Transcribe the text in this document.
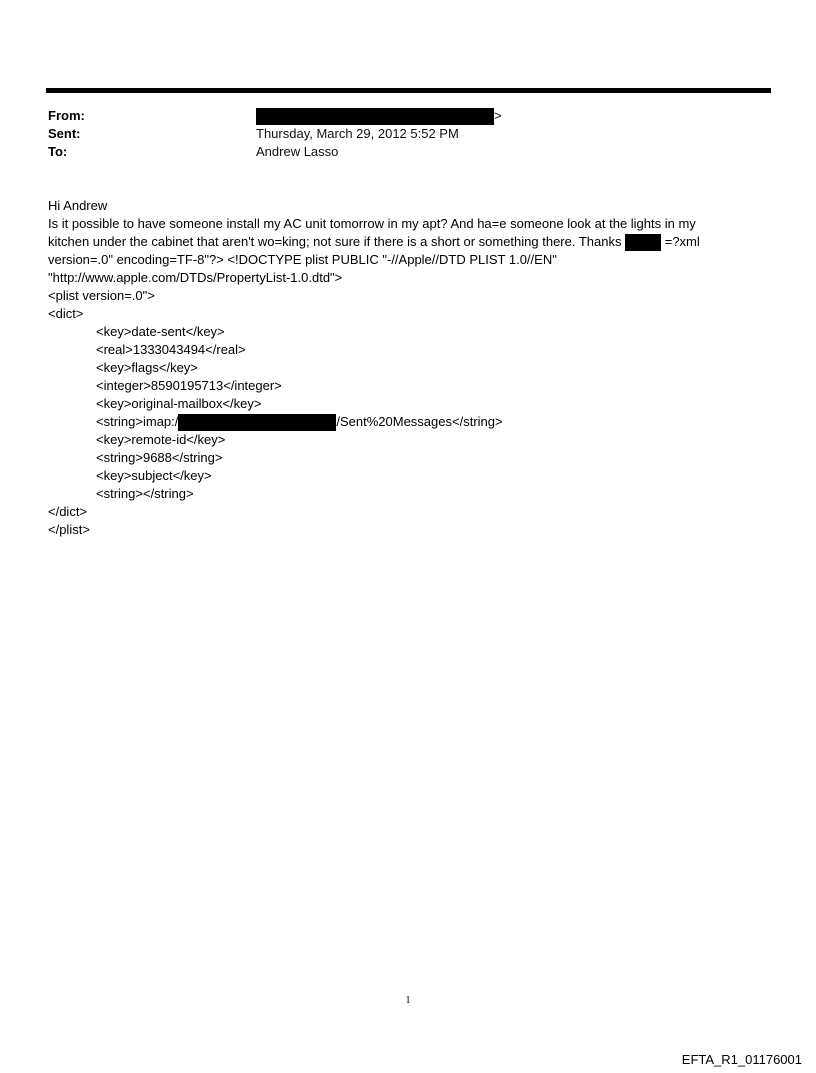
From:	>
Sent:	Thursday, March 29, 2012 5:52 PM
To:	Andrew Lasso
Hi Andrew
Is it possible to have someone install my AC unit tomorrow in my apt? And ha=e someone look at the lights in my
kitchen under the cabinet that aren't wo=king; not sure if there is a short or something there. Thanks	=?xml
version=.0" encoding=TF-8"?> <!DOCTYPE plist PUBLIC "-//Apple//DTD PLIST 1.0//EN"
"http://www.apple.com/DTDs/PropertyList-1.0.dtd">
<plist version=.0">
<dict>
<key>date-sent</key>
<real>1333043494</real>
<key>flags</key>
<integer>8590195713</integer>
<key>original-mailbox</key>
<string>imap:/	/Sent%20Messages</string>
<key>remote-id</key>
<string>9688</string>
<key>subject</key>
<string></string>
</dict>
</plist>
1
EFTA_R1_01176001
